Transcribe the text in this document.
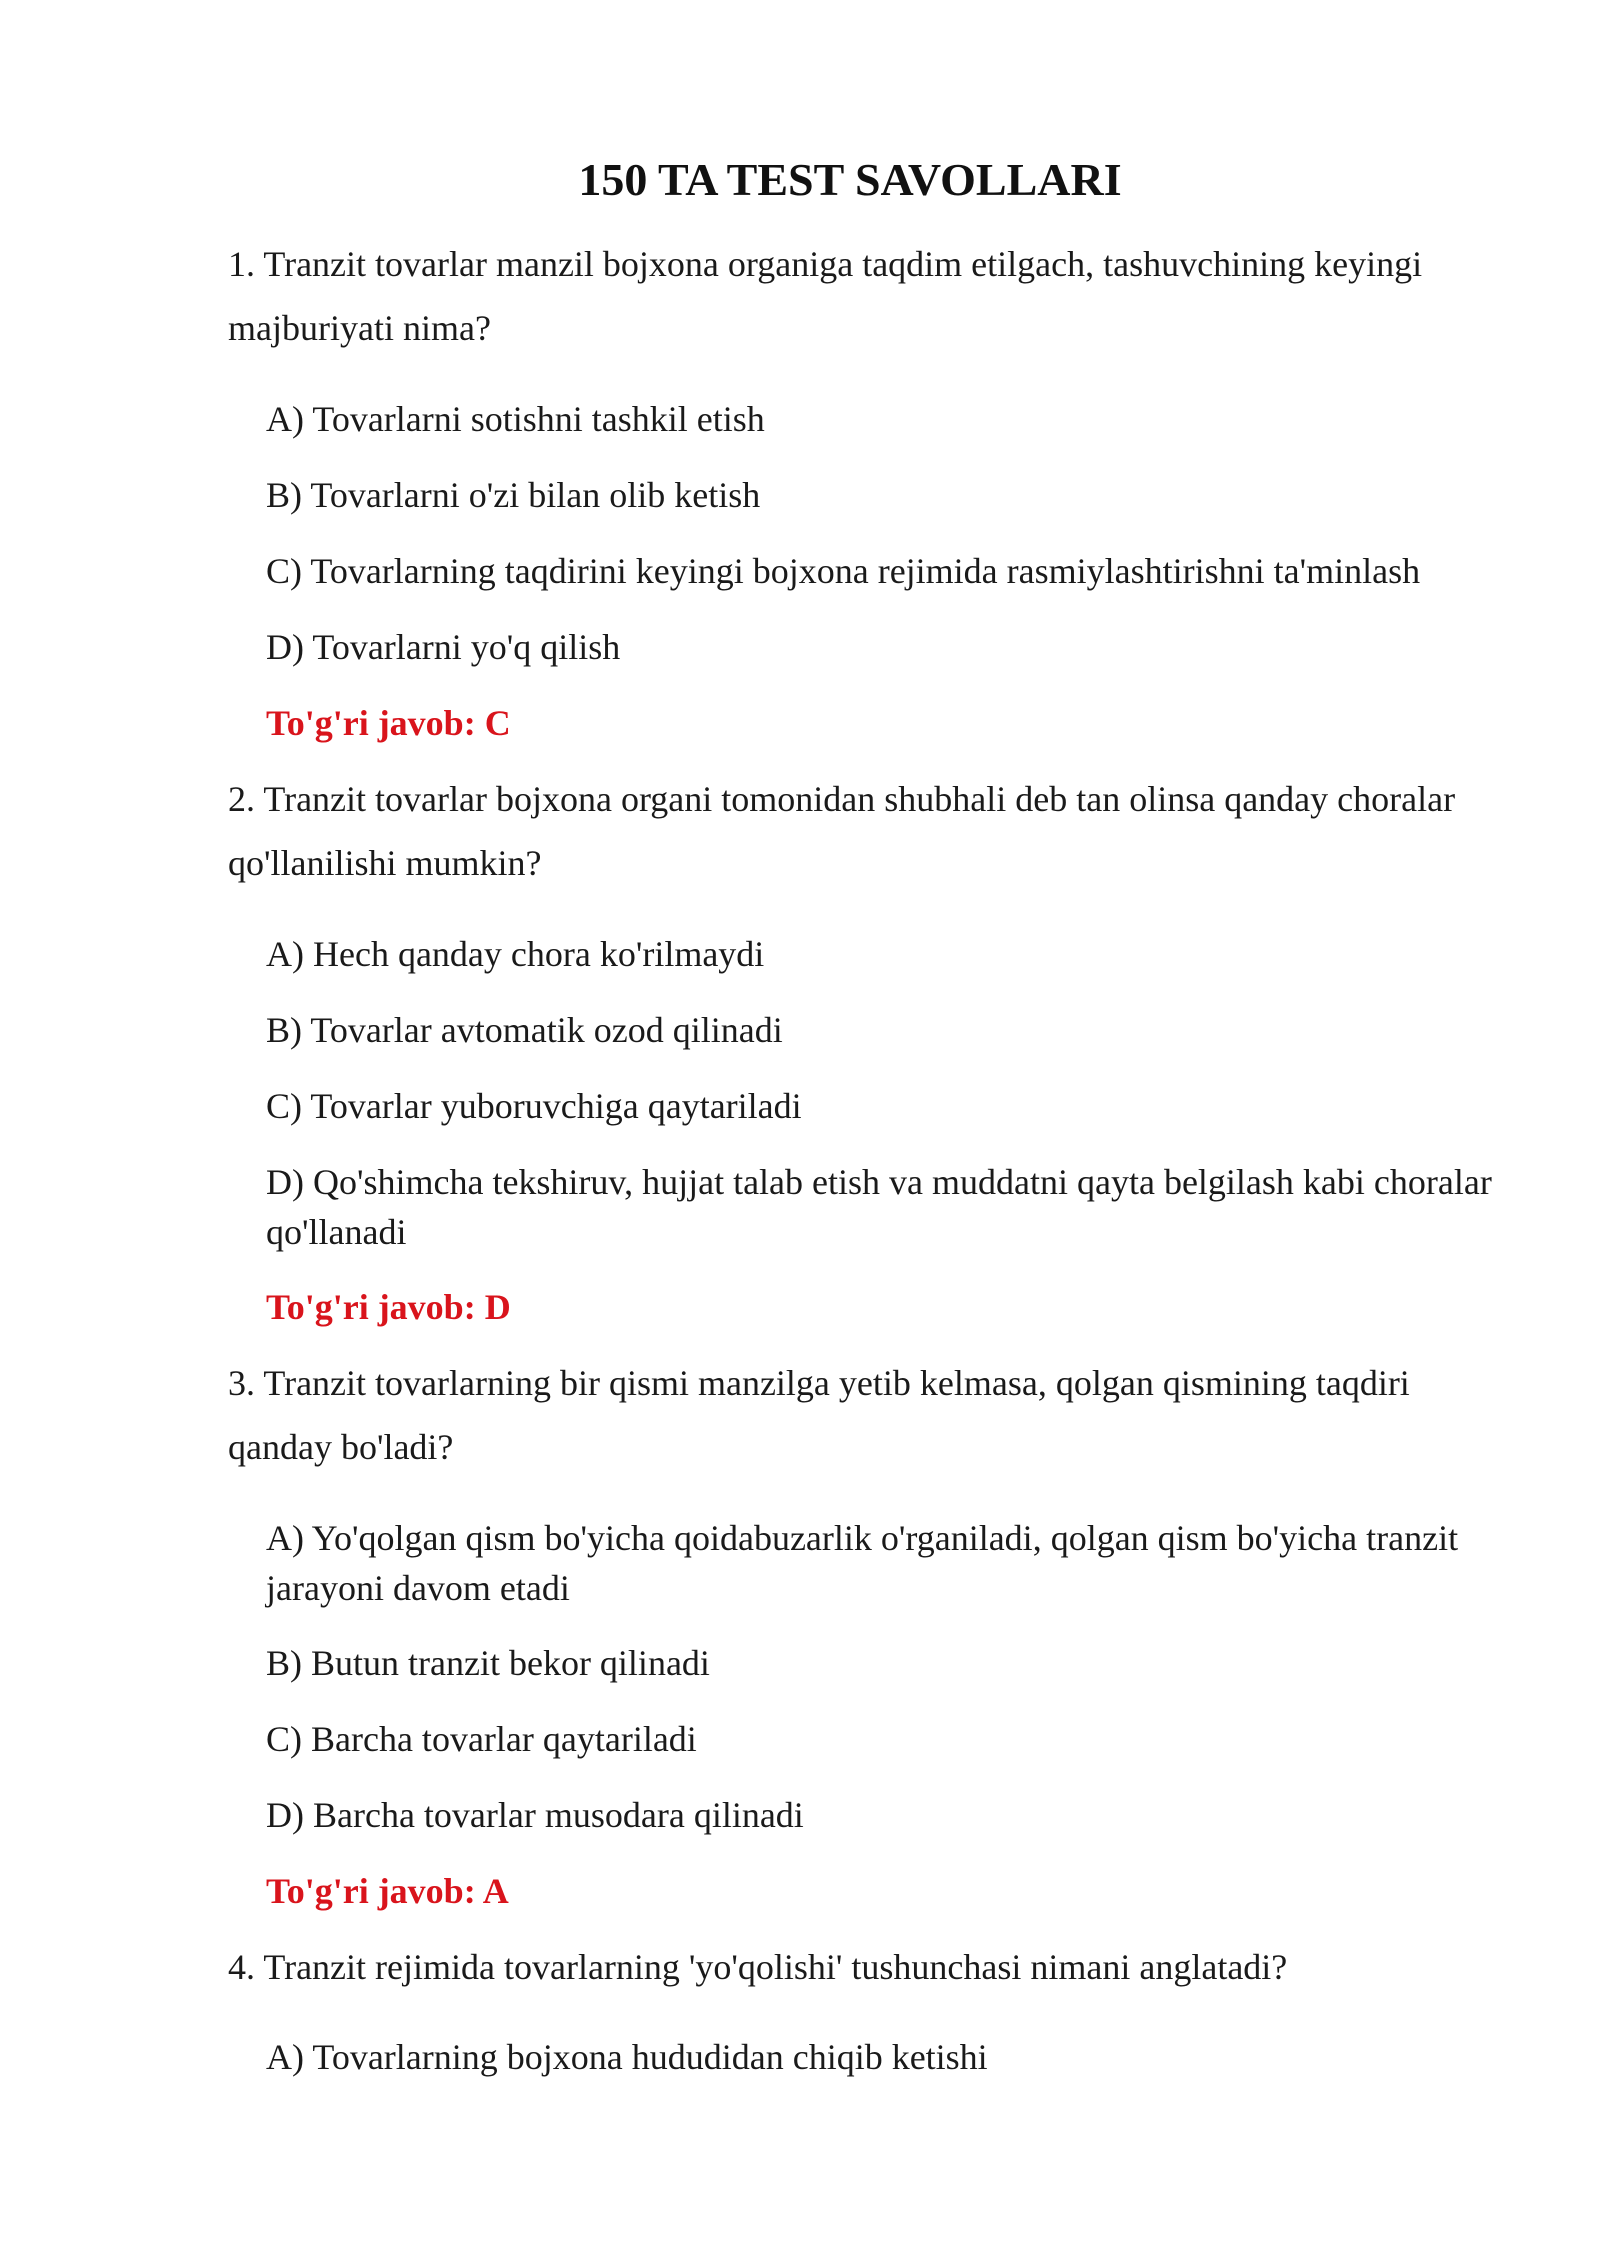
150 TA TEST SAVOLLARI

1. Tranzit tovarlar manzil bojxona organiga taqdim etilgach, tashuvchining keyingi majburiyati nima?

A) Tovarlarni sotishni tashkil etish

B) Tovarlarni o'zi bilan olib ketish

C) Tovarlarning taqdirini keyingi bojxona rejimida rasmiylashtirishni ta'minlash

D) Tovarlarni yo'q qilish

To'g'ri javob: C

2. Tranzit tovarlar bojxona organi tomonidan shubhali deb tan olinsa qanday choralar qo'llanilishi mumkin?

A) Hech qanday chora ko'rilmaydi

B) Tovarlar avtomatik ozod qilinadi

C) Tovarlar yuboruvchiga qaytariladi

D) Qo'shimcha tekshiruv, hujjat talab etish va muddatni qayta belgilash kabi choralar qo'llanadi

To'g'ri javob: D

3. Tranzit tovarlarning bir qismi manzilga yetib kelmasa, qolgan qismining taqdiri qanday bo'ladi?

A) Yo'qolgan qism bo'yicha qoidabuzarlik o'rganiladi, qolgan qism bo'yicha tranzit jarayoni davom etadi

B) Butun tranzit bekor qilinadi

C) Barcha tovarlar qaytariladi

D) Barcha tovarlar musodara qilinadi

To'g'ri javob: A

4. Tranzit rejimida tovarlarning 'yo'qolishi' tushunchasi nimani anglatadi?

A) Tovarlarning bojxona hududidan chiqib ketishi
